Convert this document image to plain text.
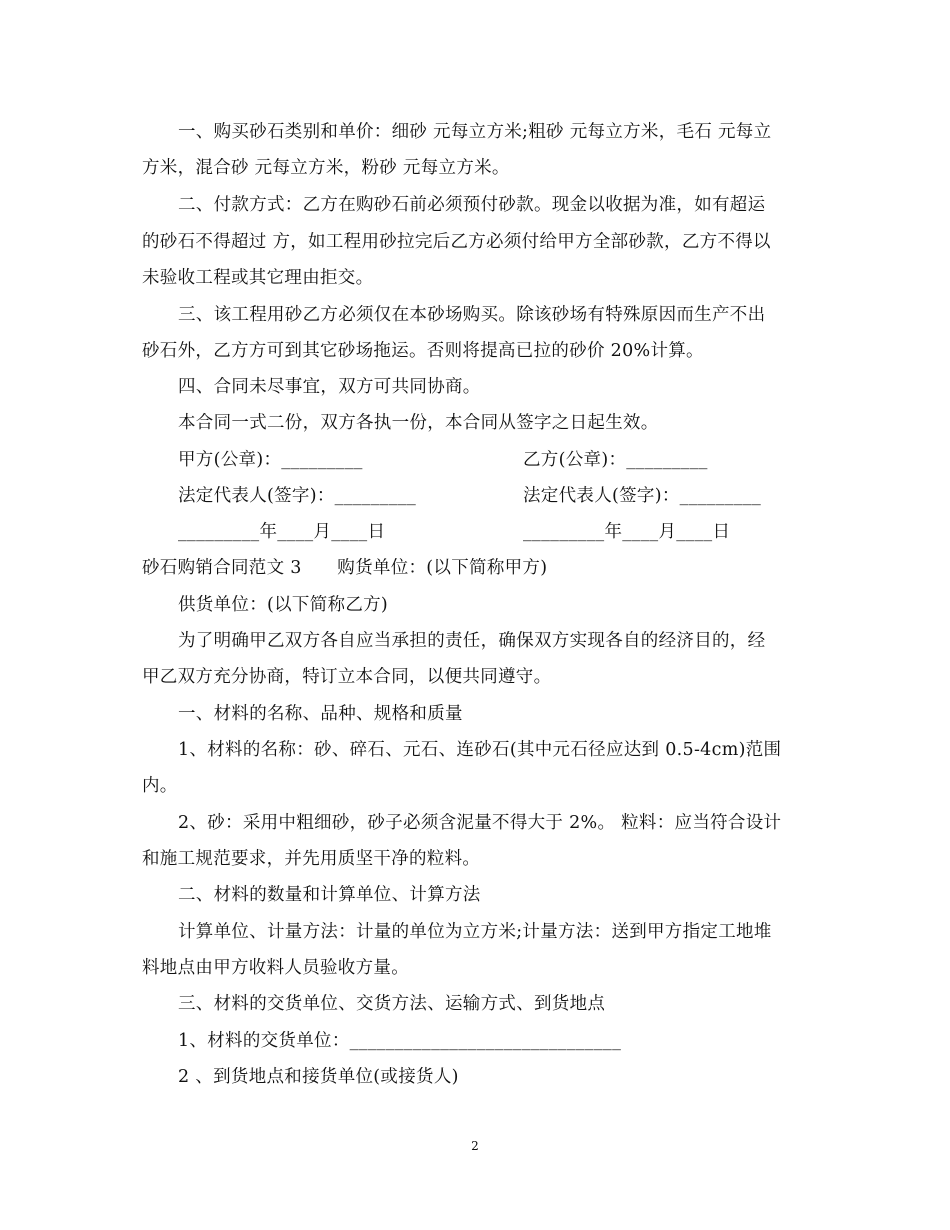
一、购买砂石类别和单价：细砂 元每立方米;粗砂 元每立方米，毛石 元每立

方米，混合砂 元每立方米，粉砂 元每立方米。

二、付款方式：乙方在购砂石前必须预付砂款。现金以收据为准，如有超运

的砂石不得超过 方，如工程用砂拉完后乙方必须付给甲方全部砂款，乙方不得以

未验收工程或其它理由拒交。

三、该工程用砂乙方必须仅在本砂场购买。除该砂场有特殊原因而生产不出

砂石外，乙方方可到其它砂场拖运。否则将提高已拉的砂价 20%计算。

四、合同未尽事宜，双方可共同协商。

本合同一式二份，双方各执一份，本合同从签字之日起生效。

甲方(公章)：_________	乙方(公章)：_________

法定代表人(签字)：_________	法定代表人(签字)：_________

_________年____月____日	_________年____月____日

砂石购销合同范文 3　　购货单位：(以下简称甲方)

供货单位：(以下简称乙方)

为了明确甲乙双方各自应当承担的责任，确保双方实现各自的经济目的，经

甲乙双方充分协商，特订立本合同，以便共同遵守。

一、材料的名称、品种、规格和质量

1、材料的名称：砂、碎石、元石、连砂石(其中元石径应达到 0.5-4cm)范围

内。

2、砂：采用中粗细砂，砂子必须含泥量不得大于 2%。 粒料：应当符合设计

和施工规范要求，并先用质坚干净的粒料。

二、材料的数量和计算单位、计算方法

计算单位、计量方法：计量的单位为立方米;计量方法：送到甲方指定工地堆

料地点由甲方收料人员验收方量。

三、材料的交货单位、交货方法、运输方式、到货地点

1、材料的交货单位：______________________________

2 、到货地点和接货单位(或接货人)

2
